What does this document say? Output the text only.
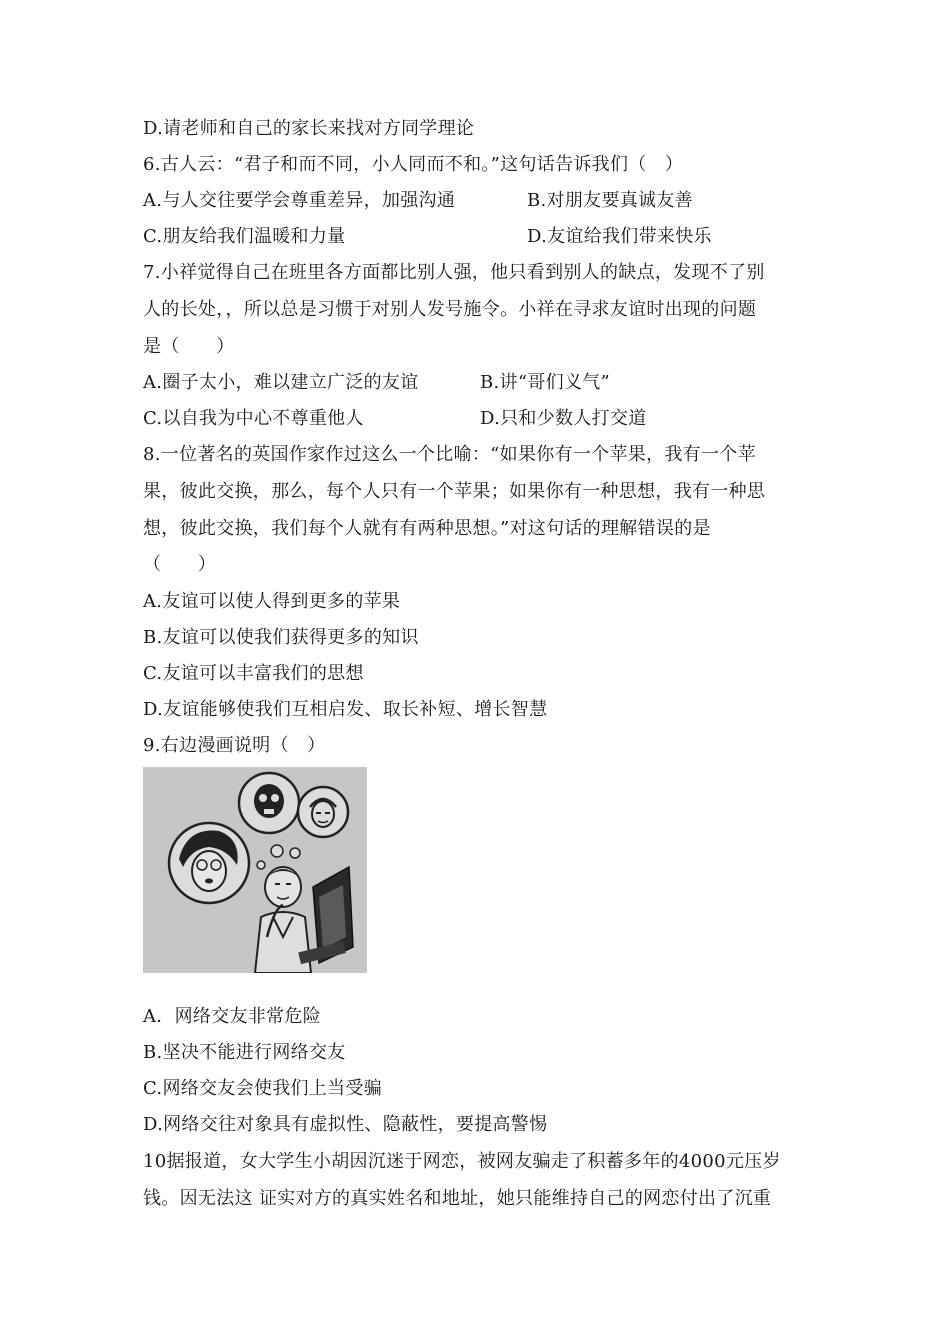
D.请老师和自己的家长来找对方同学理论
6.古人云：“君子和而不同，小人同而不和。”这句话告诉我们（　）
A.与人交往要学会尊重差异，加强沟通	B.对朋友要真诚友善
C.朋友给我们温暖和力量	D.友谊给我们带来快乐
7.小祥觉得自己在班里各方面都比别人强，他只看到别人的缺点，发现不了别
人的长处，，所以总是习惯于对别人发号施令。小祥在寻求友谊时出现的问题
是（　　）
A.圈子太小，难以建立广泛的友谊	B.讲“哥们义气”
C.以自我为中心不尊重他人	D.只和少数人打交道
8.一位著名的英国作家作过这么一个比喻：“如果你有一个苹果，我有一个苹
果，彼此交换，那么，每个人只有一个苹果；如果你有一种思想，我有一种思
想，彼此交换，我们每个人就有有两种思想。”对这句话的理解错误的是
（　　）
A.友谊可以使人得到更多的苹果
B.友谊可以使我们获得更多的知识
C.友谊可以丰富我们的思想
D.友谊能够使我们互相启发、取长补短、增长智慧
9.右边漫画说明（　）
A．网络交友非常危险
B.坚决不能进行网络交友
C.网络交友会使我们上当受骗
D.网络交往对象具有虚拟性、隐蔽性，要提高警惕
10据报道，女大学生小胡因沉迷于网恋，被网友骗走了积蓄多年的4000元压岁
钱。因无法这 证实对方的真实姓名和地址，她只能维持自己的网恋付出了沉重
